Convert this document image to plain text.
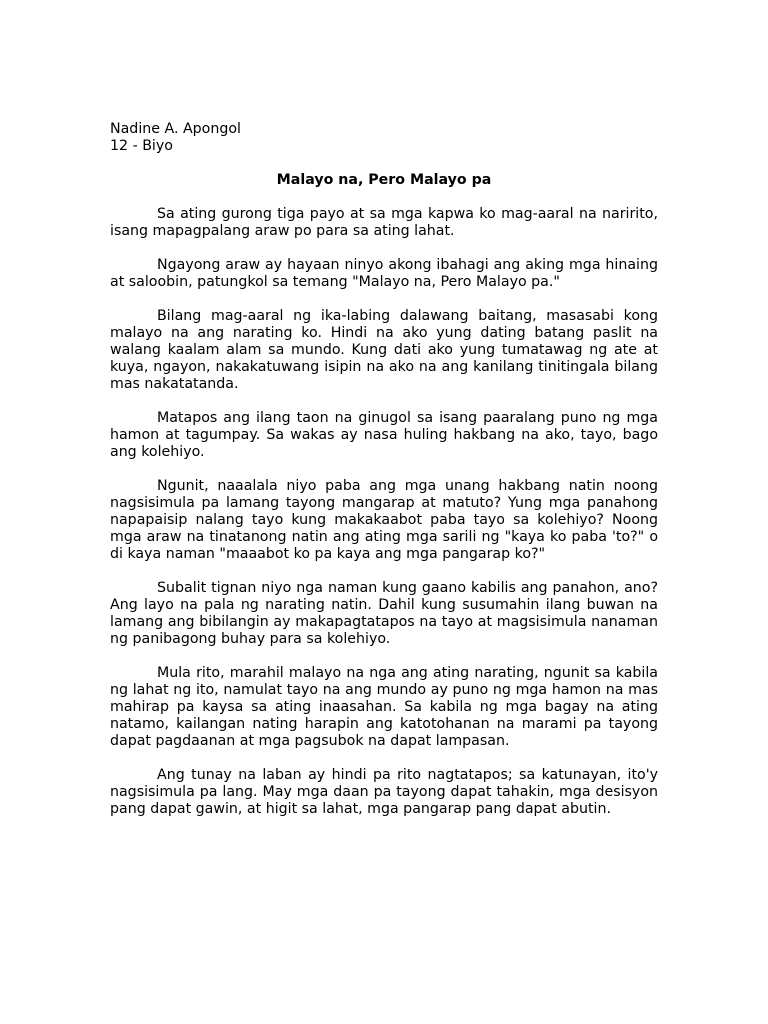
Nadine A. Apongol
12 - Biyo
Malayo na, Pero Malayo pa

Sa ating gurong tiga payo at sa mga kapwa ko mag-aaral na naririto, isang mapagpalang araw po para sa ating lahat.

Ngayong araw ay hayaan ninyo akong ibahagi ang aking mga hinaing at saloobin, patungkol sa temang "Malayo na, Pero Malayo pa."

Bilang mag-aaral ng ika-labing dalawang baitang, masasabi kong malayo na ang narating ko. Hindi na ako yung dating batang paslit na walang kaalam alam sa mundo. Kung dati ako yung tumatawag ng ate at kuya, ngayon, nakakatuwang isipin na ako na ang kanilang tinitingala bilang mas nakatatanda.

Matapos ang ilang taon na ginugol sa isang paaralang puno ng mga hamon at tagumpay. Sa wakas ay nasa huling hakbang na ako, tayo, bago ang kolehiyo.

Ngunit, naaalala niyo paba ang mga unang hakbang natin noong nagsisimula pa lamang tayong mangarap at matuto? Yung mga panahong napapaisip nalang tayo kung makakaabot paba tayo sa kolehiyo? Noong mga araw na tinatanong natin ang ating mga sarili ng "kaya ko paba 'to?" o di kaya naman "maaabot ko pa kaya ang mga pangarap ko?"

Subalit tignan niyo nga naman kung gaano kabilis ang panahon, ano? Ang layo na pala ng narating natin. Dahil kung susumahin ilang buwan na lamang ang bibilangin ay makapagtatapos na tayo at magsisimula nanaman ng panibagong buhay para sa kolehiyo.

Mula rito, marahil malayo na nga ang ating narating, ngunit sa kabila ng lahat ng ito, namulat tayo na ang mundo ay puno ng mga hamon na mas mahirap pa kaysa sa ating inaasahan. Sa kabila ng mga bagay na ating natamo, kailangan nating harapin ang katotohanan na marami pa tayong dapat pagdaanan at mga pagsubok na dapat lampasan.

Ang tunay na laban ay hindi pa rito nagtatapos; sa katunayan, ito'y nagsisimula pa lang. May mga daan pa tayong dapat tahakin, mga desisyon pang dapat gawin, at higit sa lahat, mga pangarap pang dapat abutin.
